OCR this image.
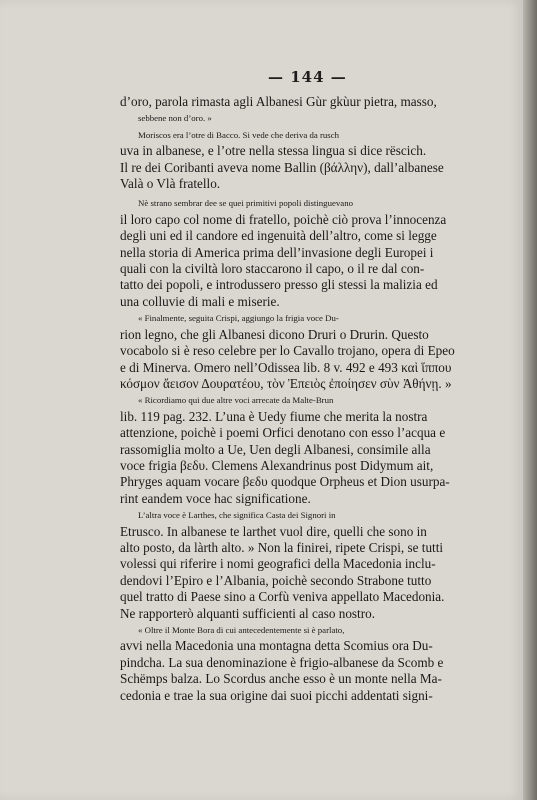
— 144 —
d’oro, parola rimasta agli Albanesi Gùr gkùur pietra, masso,
sebbene non d’oro. »
Moriscos era l’otre di Bacco. Si vede che deriva da rusch
uva in albanese, e l’otre nella stessa lingua si dice rëscich.
Il re dei Coribanti aveva nome Ballin (βάλλην), dall’albanese
Valà o Vlà fratello.
Nè strano sembrar dee se quei primitivi popoli distinguevano
il loro capo col nome di fratello, poichè ciò prova l’innocenza
degli uni ed il candore ed ingenuità dell’altro, come si legge
nella storia di America prima dell’invasione degli Europei i
quali con la civiltà loro staccarono il capo, o il re dal con-
tatto dei popoli, e introdussero presso gli stessi la malizia ed
una colluvie di mali e miserie.
« Finalmente, seguita Crispi, aggiungo la frigia voce Du-
rion legno, che gli Albanesi dicono Druri o Drurin. Questo
vocabolo si è reso celebre per lo Cavallo trojano, opera di Epeo
e di Minerva. Omero nell’Odissea lib. 8 v. 492 e 493 καὶ ἵππου
κόσμον ἄεισον Δουρατέου, τὸν Ἐπειὸς ἐποίησεν σὺν Ἀθήνῃ. »
« Ricordiamo qui due altre voci arrecate da Malte-Brun
lib. 119 pag. 232. L’una è Uedy fiume che merita la nostra
attenzione, poichè i poemi Orfici denotano con esso l’acqua e
rassomiglia molto a Ue, Uen degli Albanesi, consimile alla
voce frigia βεδυ. Clemens Alexandrinus post Didymum ait,
Phryges aquam vocare βεδυ quodque Orpheus et Dion usurpa-
rint eandem voce hac significatione.
L’altra voce è Larthes, che significa Casta dei Signori in
Etrusco. In albanese te larthet vuol dire, quelli che sono in
alto posto, da làrth alto. » Non la finirei, ripete Crispi, se tutti
volessi qui riferire i nomi geografici della Macedonia inclu-
dendovi l’Epiro e l’Albania, poichè secondo Strabone tutto
quel tratto di Paese sino a Corfù veniva appellato Macedonia.
Ne rapporterò alquanti sufficienti al caso nostro.
« Oltre il Monte Bora di cui antecedentemente si è parlato,
avvi nella Macedonia una montagna detta Scomius ora Du-
pindcha. La sua denominazione è frigio-albanese da Scomb e
Schëmps balza. Lo Scordus anche esso è un monte nella Ma-
cedonia e trae la sua origine dai suoi picchi addentati signi-
